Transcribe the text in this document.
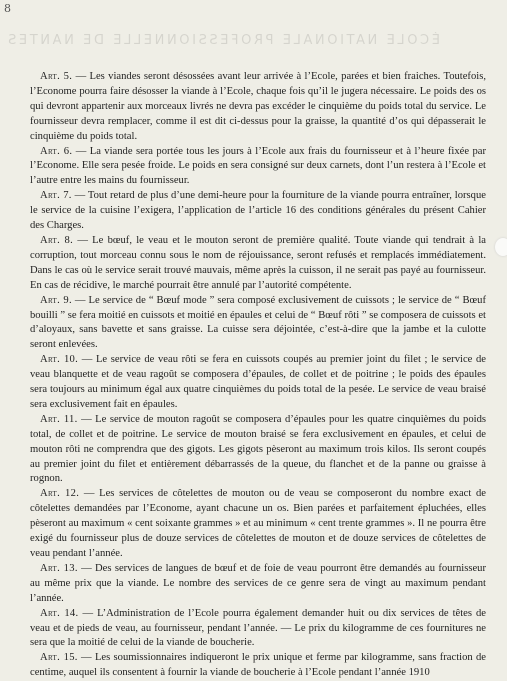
8
ÉCOLE NATIONALE PROFESSIONNELLE DE NANTES

Art. 5. — Les viandes seront désossées avant leur arrivée à l’Ecole, parées et bien fraiches. Toutefois, l’Econome pourra faire désosser la viande à l’Ecole, chaque fois qu’il le jugera nécessaire. Le poids des os qui devront appartenir aux morceaux livrés ne devra pas excéder le cinquième du poids total du service. Le fournisseur devra remplacer, comme il est dit ci-dessus pour la graisse, la quantité d’os qui dépasserait le cinquième du poids total.

Art. 6. — La viande sera portée tous les jours à l’Ecole aux frais du fournisseur et à l’heure fixée par l’Econome. Elle sera pesée froide. Le poids en sera consigné sur deux carnets, dont l’un restera à l’Ecole et l’autre entre les mains du fournisseur.

Art. 7. — Tout retard de plus d’une demi-heure pour la fourniture de la viande pourra entraîner, lorsque le service de la cuisine l’exigera, l’application de l’article 16 des conditions générales du présent Cahier des Charges.

Art. 8. — Le bœuf, le veau et le mouton seront de première qualité. Toute viande qui tendrait à la corruption, tout morceau connu sous le nom de réjouissance, seront refusés et remplacés immédiatement. Dans le cas où le service serait trouvé mauvais, même après la cuisson, il ne serait pas payé au fournisseur. En cas de récidive, le marché pourrait être annulé par l’autorité compétente.

Art. 9. — Le service de “ Bœuf mode ” sera composé exclusivement de cuissots ; le service de “ Bœuf bouilli ” se fera moitié en cuissots et moitié en épaules et celui de “ Bœuf rôti ” se composera de cuissots et d’aloyaux, sans bavette et sans graisse. La cuisse sera déjointée, c’est-à-dire que la jambe et la culotte seront enlevées.

Art. 10. — Le service de veau rôti se fera en cuissots coupés au premier joint du filet ; le service de veau blanquette et de veau ragoût se composera d’épaules, de collet et de poitrine ; le poids des épaules sera toujours au minimum égal aux quatre cinquièmes du poids total de la pesée. Le service de veau braisé sera exclusivement fait en épaules.

Art. 11. — Le service de mouton ragoût se composera d’épaules pour les quatre cinquièmes du poids total, de collet et de poitrine. Le service de mouton braisé se fera exclusivement en épaules, et celui de mouton rôti ne comprendra que des gigots. Les gigots pèseront au maximum trois kilos. Ils seront coupés au premier joint du filet et entièrement débarrassés de la queue, du flanchet et de la panne ou graisse à rognon.

Art. 12. — Les services de côtelettes de mouton ou de veau se composeront du nombre exact de côtelettes demandées par l’Econome, ayant chacune un os. Bien parées et parfaitement épluchées, elles pèseront au maximum « cent soixante grammes » et au minimum « cent trente grammes ». Il ne pourra être exigé du fournisseur plus de douze services de côtelettes de mouton et de douze services de côtelettes de veau pendant l’année.

Art. 13. — Des services de langues de bœuf et de foie de veau pourront être demandés au fournisseur au même prix que la viande. Le nombre des services de ce genre sera de vingt au maximum pendant l’année.

Art. 14. — L’Administration de l’Ecole pourra également demander huit ou dix services de têtes de veau et de pieds de veau, au fournisseur, pendant l’année. — Le prix du kilogramme de ces fournitures ne sera que la moitié de celui de la viande de boucherie.

Art. 15. — Les soumissionnaires indiqueront le prix unique et ferme par kilogramme, sans fraction de centime, auquel ils consentent à fournir la viande de boucherie à l’Ecole pendant l’année 1910
